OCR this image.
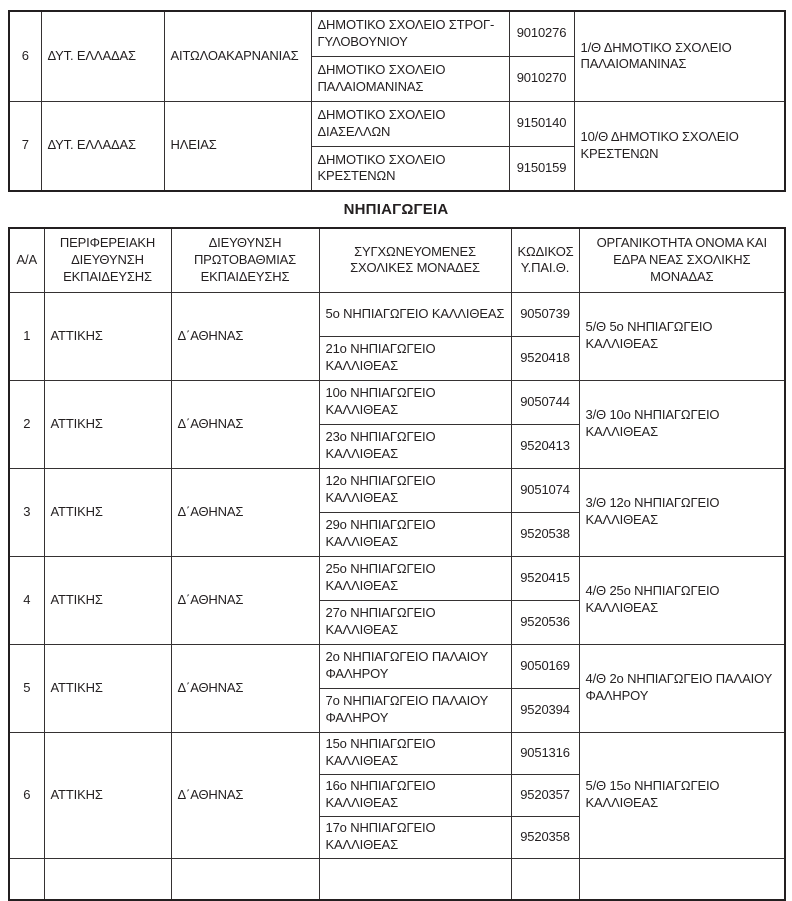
6	ΔΥΤ. ΕΛΛΑΔΑΣ	ΑΙΤΩΛΟΑΚΑΡΝΑΝΙΑΣ	ΔΗΜΟΤΙΚΟ ΣΧΟΛΕΙΟ ΣΤΡΟΓ-ΓΥΛΟΒΟΥΝΙΟΥ	9010276	1/Θ ΔΗΜΟΤΙΚΟ ΣΧΟΛΕΙΟ ΠΑΛΑΙΟΜΑΝΙΝΑΣ
			ΔΗΜΟΤΙΚΟ ΣΧΟΛΕΙΟ ΠΑΛΑΙΟΜΑΝΙΝΑΣ	9010270	
7	ΔΥΤ. ΕΛΛΑΔΑΣ	ΗΛΕΙΑΣ	ΔΗΜΟΤΙΚΟ ΣΧΟΛΕΙΟ ΔΙΑΣΕΛΛΩΝ	9150140	10/Θ ΔΗΜΟΤΙΚΟ ΣΧΟΛΕΙΟ ΚΡΕΣΤΕΝΩΝ
			ΔΗΜΟΤΙΚΟ ΣΧΟΛΕΙΟ ΚΡΕΣΤΕΝΩΝ	9150159	
ΝΗΠΙΑΓΩΓΕΙΑ
Α/Α	ΠΕΡΙΦΕΡΕΙΑΚΗ ΔΙΕΥΘΥΝΣΗ ΕΚΠΑΙΔΕΥΣΗΣ	ΔΙΕΥΘΥΝΣΗ ΠΡΩΤΟΒΑΘΜΙΑΣ ΕΚΠΑΙΔΕΥΣΗΣ	ΣΥΓΧΩΝΕΥΟΜΕΝΕΣ ΣΧΟΛΙΚΕΣ ΜΟΝΑΔΕΣ	ΚΩΔΙΚΟΣ Υ.ΠΑΙ.Θ.	ΟΡΓΑΝΙΚΟΤΗΤΑ ΟΝΟΜΑ ΚΑΙ ΕΔΡΑ ΝΕΑΣ ΣΧΟΛΙΚΗΣ ΜΟΝΑΔΑΣ
1	ΑΤΤΙΚΗΣ	Δ΄ΑΘΗΝΑΣ	5ο ΝΗΠΙΑΓΩΓΕΙΟ ΚΑΛΛΙΘΕΑΣ	9050739	5/Θ 5ο ΝΗΠΙΑΓΩΓΕΙΟ ΚΑΛΛΙΘΕΑΣ
			21ο ΝΗΠΙΑΓΩΓΕΙΟ ΚΑΛΛΙΘΕΑΣ	9520418	
2	ΑΤΤΙΚΗΣ	Δ΄ΑΘΗΝΑΣ	10ο ΝΗΠΙΑΓΩΓΕΙΟ ΚΑΛΛΙΘΕΑΣ	9050744	3/Θ 10ο ΝΗΠΙΑΓΩΓΕΙΟ ΚΑΛΛΙΘΕΑΣ
			23ο ΝΗΠΙΑΓΩΓΕΙΟ ΚΑΛΛΙΘΕΑΣ	9520413	
3	ΑΤΤΙΚΗΣ	Δ΄ΑΘΗΝΑΣ	12ο ΝΗΠΙΑΓΩΓΕΙΟ ΚΑΛΛΙΘΕΑΣ	9051074	3/Θ 12ο ΝΗΠΙΑΓΩΓΕΙΟ ΚΑΛΛΙΘΕΑΣ
			29ο ΝΗΠΙΑΓΩΓΕΙΟ ΚΑΛΛΙΘΕΑΣ	9520538	
4	ΑΤΤΙΚΗΣ	Δ΄ΑΘΗΝΑΣ	25ο ΝΗΠΙΑΓΩΓΕΙΟ ΚΑΛΛΙΘΕΑΣ	9520415	4/Θ 25ο ΝΗΠΙΑΓΩΓΕΙΟ ΚΑΛΛΙΘΕΑΣ
			27ο ΝΗΠΙΑΓΩΓΕΙΟ ΚΑΛΛΙΘΕΑΣ	9520536	
5	ΑΤΤΙΚΗΣ	Δ΄ΑΘΗΝΑΣ	2ο ΝΗΠΙΑΓΩΓΕΙΟ ΠΑΛΑΙΟΥ ΦΑΛΗΡΟΥ	9050169	4/Θ 2ο ΝΗΠΙΑΓΩΓΕΙΟ ΠΑΛΑΙΟΥ ΦΑΛΗΡΟΥ
			7ο ΝΗΠΙΑΓΩΓΕΙΟ ΠΑΛΑΙΟΥ ΦΑΛΗΡΟΥ	9520394	
6	ΑΤΤΙΚΗΣ	Δ΄ΑΘΗΝΑΣ	15ο ΝΗΠΙΑΓΩΓΕΙΟ ΚΑΛΛΙΘΕΑΣ	9051316	5/Θ 15ο ΝΗΠΙΑΓΩΓΕΙΟ ΚΑΛΛΙΘΕΑΣ
			16ο ΝΗΠΙΑΓΩΓΕΙΟ ΚΑΛΛΙΘΕΑΣ	9520357	
			17ο ΝΗΠΙΑΓΩΓΕΙΟ ΚΑΛΛΙΘΕΑΣ	9520358	
